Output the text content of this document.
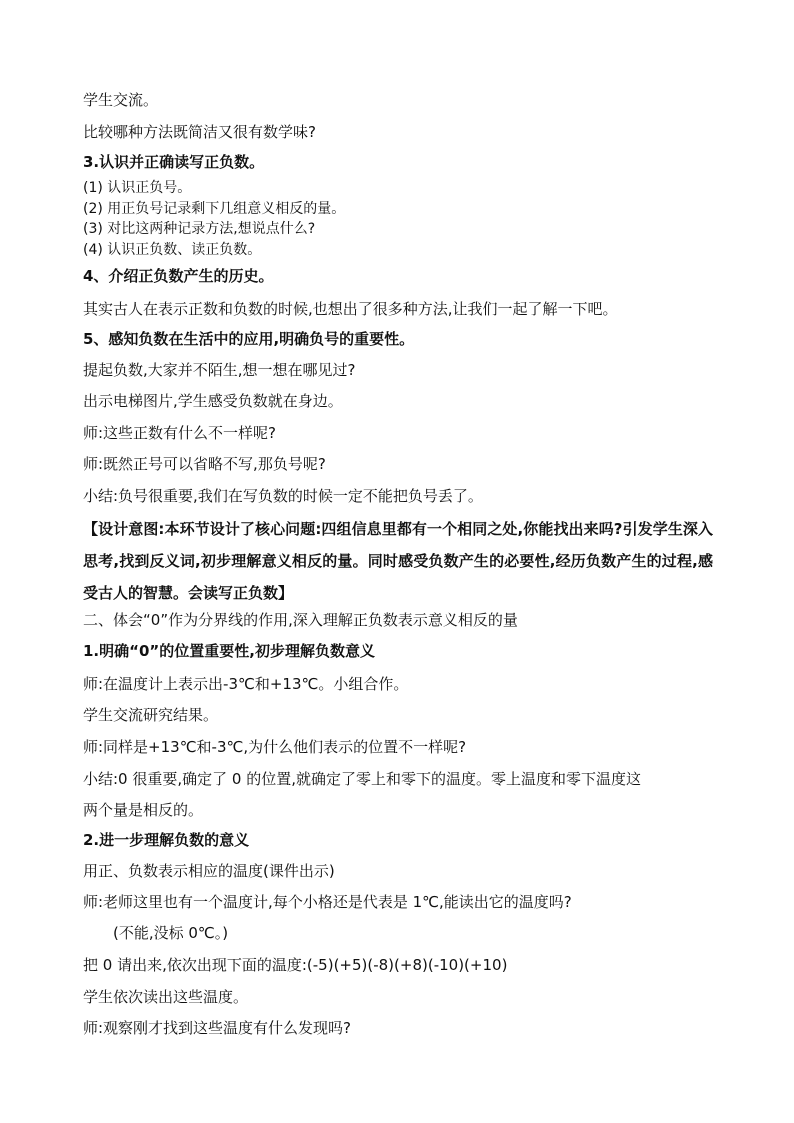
学生交流。
比较哪种方法既简洁又很有数学味?
3.认识并正确读写正负数。
(1) 认识正负号。
(2) 用正负号记录剩下几组意义相反的量。
(3) 对比这两种记录方法,想说点什么?
(4) 认识正负数、读正负数。
4、介绍正负数产生的历史。
其实古人在表示正数和负数的时候,也想出了很多种方法,让我们一起了解一下吧。
5、感知负数在生活中的应用,明确负号的重要性。
提起负数,大家并不陌生,想一想在哪见过?
出示电梯图片,学生感受负数就在身边。
师:这些正数有什么不一样呢?
师:既然正号可以省略不写,那负号呢?
小结:负号很重要,我们在写负数的时候一定不能把负号丢了。
【设计意图:本环节设计了核心问题:四组信息里都有一个相同之处,你能找出来吗?引发学生深入思考,找到反义词,初步理解意义相反的量。同时感受负数产生的必要性,经历负数产生的过程,感受古人的智慧。会读写正负数】
二、体会“0”作为分界线的作用,深入理解正负数表示意义相反的量
1.明确“0”的位置重要性,初步理解负数意义
师:在温度计上表示出-3℃和+13℃。小组合作。
学生交流研究结果。
师:同样是+13℃和-3℃,为什么他们表示的位置不一样呢?
小结:0 很重要,确定了 0 的位置,就确定了零上和零下的温度。零上温度和零下温度这
两个量是相反的。
2.进一步理解负数的意义
用正、负数表示相应的温度(课件出示)
师:老师这里也有一个温度计,每个小格还是代表是 1℃,能读出它的温度吗?
(不能,没标 0℃。)
把 0 请出来,依次出现下面的温度:(-5)(+5)(-8)(+8)(-10)(+10)
学生依次读出这些温度。
师:观察刚才找到这些温度有什么发现吗?
